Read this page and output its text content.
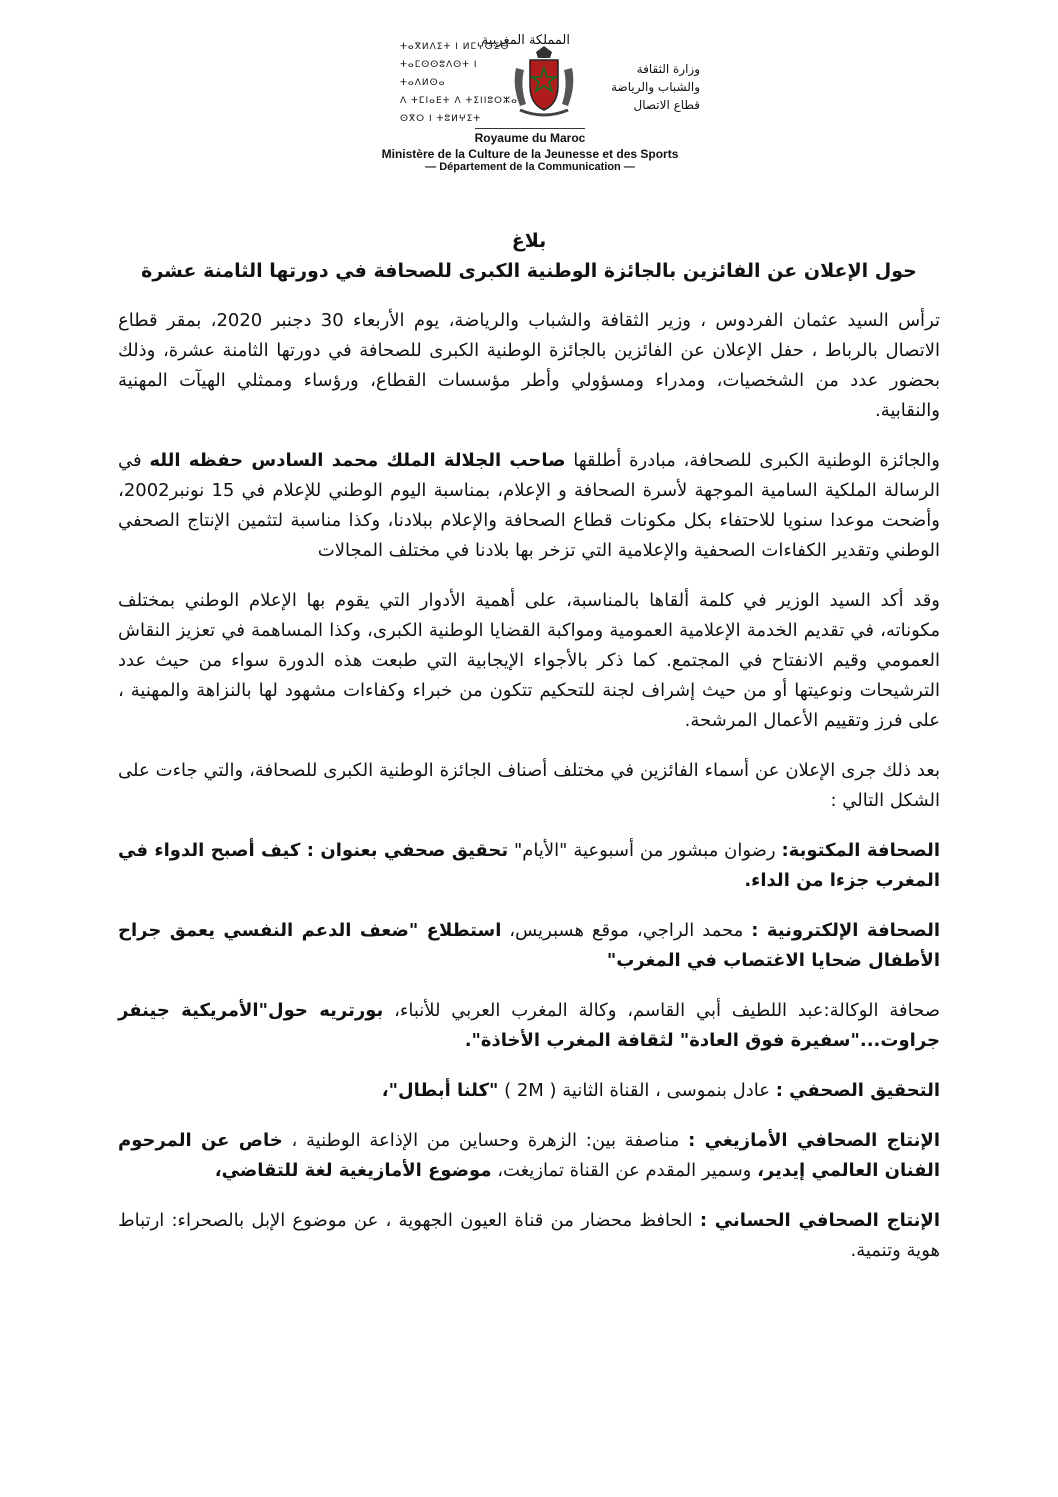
ⵜⴰⴳⵍⴷⵉⵜ ⵏ ⵍⵎⵖⵔⵉⴱ
ⵜⴰⵎⵙⵙⵓⴷⵙⵜ ⵏ ⵜⴰⴷⵍⵙⴰ
ⴷ ⵜⵎⵏⴰⴹⵜ ⴷ ⵜⵉⵏⵏⵓⵔⵣⴰ
ⵙⴳⵔ ⵏ ⵜⵓⵍⵖⵉⵜ
المملكة المغربية
وزارة الثقافة
والشباب والرياضة
قطاع الاتصال
Royaume du Maroc
Ministère de la Culture de la Jeunesse et des Sports
— Département de la Communication —
بلاغ
حول الإعلان عن الفائزين بالجائزة الوطنية الكبرى للصحافة في دورتها الثامنة عشرة

ترأس السيد عثمان الفردوس ، وزير الثقافة والشباب والرياضة، يوم الأربعاء 30 دجنبر 2020، بمقر قطاع الاتصال بالرباط ، حفل الإعلان عن الفائزين بالجائزة الوطنية الكبرى للصحافة في دورتها الثامنة عشرة، وذلك بحضور عدد من الشخصيات، ومدراء ومسؤولي وأطر مؤسسات القطاع، ورؤساء وممثلي الهيآت المهنية والنقابية.

والجائزة الوطنية الكبرى للصحافة، مبادرة أطلقها صاحب الجلالة الملك محمد السادس حفظه الله في الرسالة الملكية السامية الموجهة لأسرة الصحافة و الإعلام، بمناسبة اليوم الوطني للإعلام في 15 نونبر2002، وأضحت موعدا سنويا للاحتفاء بكل مكونات قطاع الصحافة والإعلام ببلادنا، وكذا مناسبة لتثمين الإنتاج الصحفي الوطني وتقدير الكفاءات الصحفية والإعلامية التي تزخر بها بلادنا في مختلف المجالات

وقد أكد السيد الوزير في كلمة ألقاها بالمناسبة، على أهمية الأدوار التي يقوم بها الإعلام الوطني بمختلف مكوناته، في تقديم الخدمة الإعلامية العمومية ومواكبة القضايا الوطنية الكبرى، وكذا المساهمة في تعزيز النقاش العمومي وقيم الانفتاح في المجتمع. كما ذكر بالأجواء الإيجابية التي طبعت هذه الدورة سواء من حيث عدد الترشيحات ونوعيتها أو من حيث إشراف لجنة للتحكيم تتكون من خبراء وكفاءات مشهود لها بالنزاهة والمهنية ، على فرز وتقييم الأعمال المرشحة.

بعد ذلك جرى الإعلان عن أسماء الفائزين في مختلف أصناف الجائزة الوطنية الكبرى للصحافة، والتي جاءت على الشكل التالي :

الصحافة المكتوبة: رضوان مبشور من أسبوعية "الأيام" تحقيق صحفي بعنوان : كيف أصبح الدواء في المغرب جزءا من الداء.

الصحافة الإلكترونية : محمد الراجي، موقع هسبريس، استطلاع "ضعف الدعم النفسي يعمق جراح الأطفال ضحايا الاغتصاب في المغرب"

صحافة الوكالة:عبد اللطيف أبي القاسم، وكالة المغرب العربي للأنباء، بورتريه حول"الأمريكية جينفر جراوت..."سفيرة فوق العادة" لثقافة المغرب الأخاذة".

التحقيق الصحفي : عادل بنموسى ، القناة الثانية ( 2M ) "كلنا أبطال"،

الإنتاج الصحافي الأمازيغي : مناصفة بين: الزهرة وحساين من الإذاعة الوطنية ، خاص عن المرحوم الفنان العالمي إيدير، وسمير المقدم عن القناة تمازيغت، موضوع الأمازيغية لغة للتقاضي،

الإنتاج الصحافي الحساني : الحافظ محضار من قناة العيون الجهوية ، عن موضوع الإبل بالصحراء: ارتباط هوية وتنمية.
